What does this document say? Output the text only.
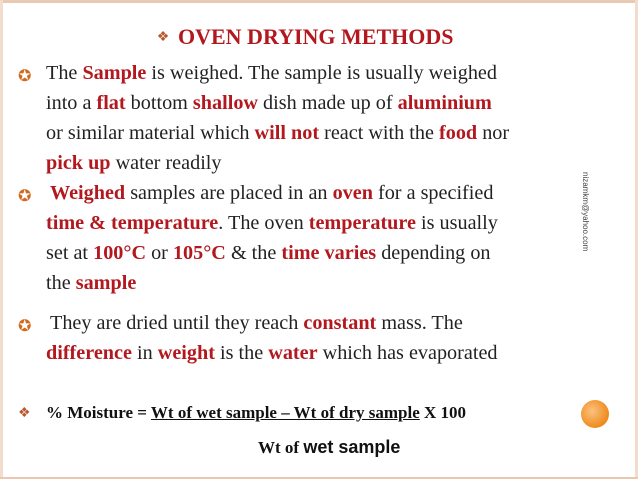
❖ OVEN DRYING METHODS
✪ The Sample is weighed. The sample is usually weighed
into a flat bottom shallow dish made up of aluminium
or similar material which will not react with the food nor
pick up water readily
✪ Weighed samples are placed in an oven for a specified
time & temperature. The oven temperature is usually
set at 100°C or 105°C & the time varies depending on
the sample
✪ They are dried until they reach constant mass. The
difference in weight is the water which has evaporated
nizamkm@yahoo.com
❖ % Moisture = Wt of wet sample – Wt of dry sample X 100
Wt of wet sample
